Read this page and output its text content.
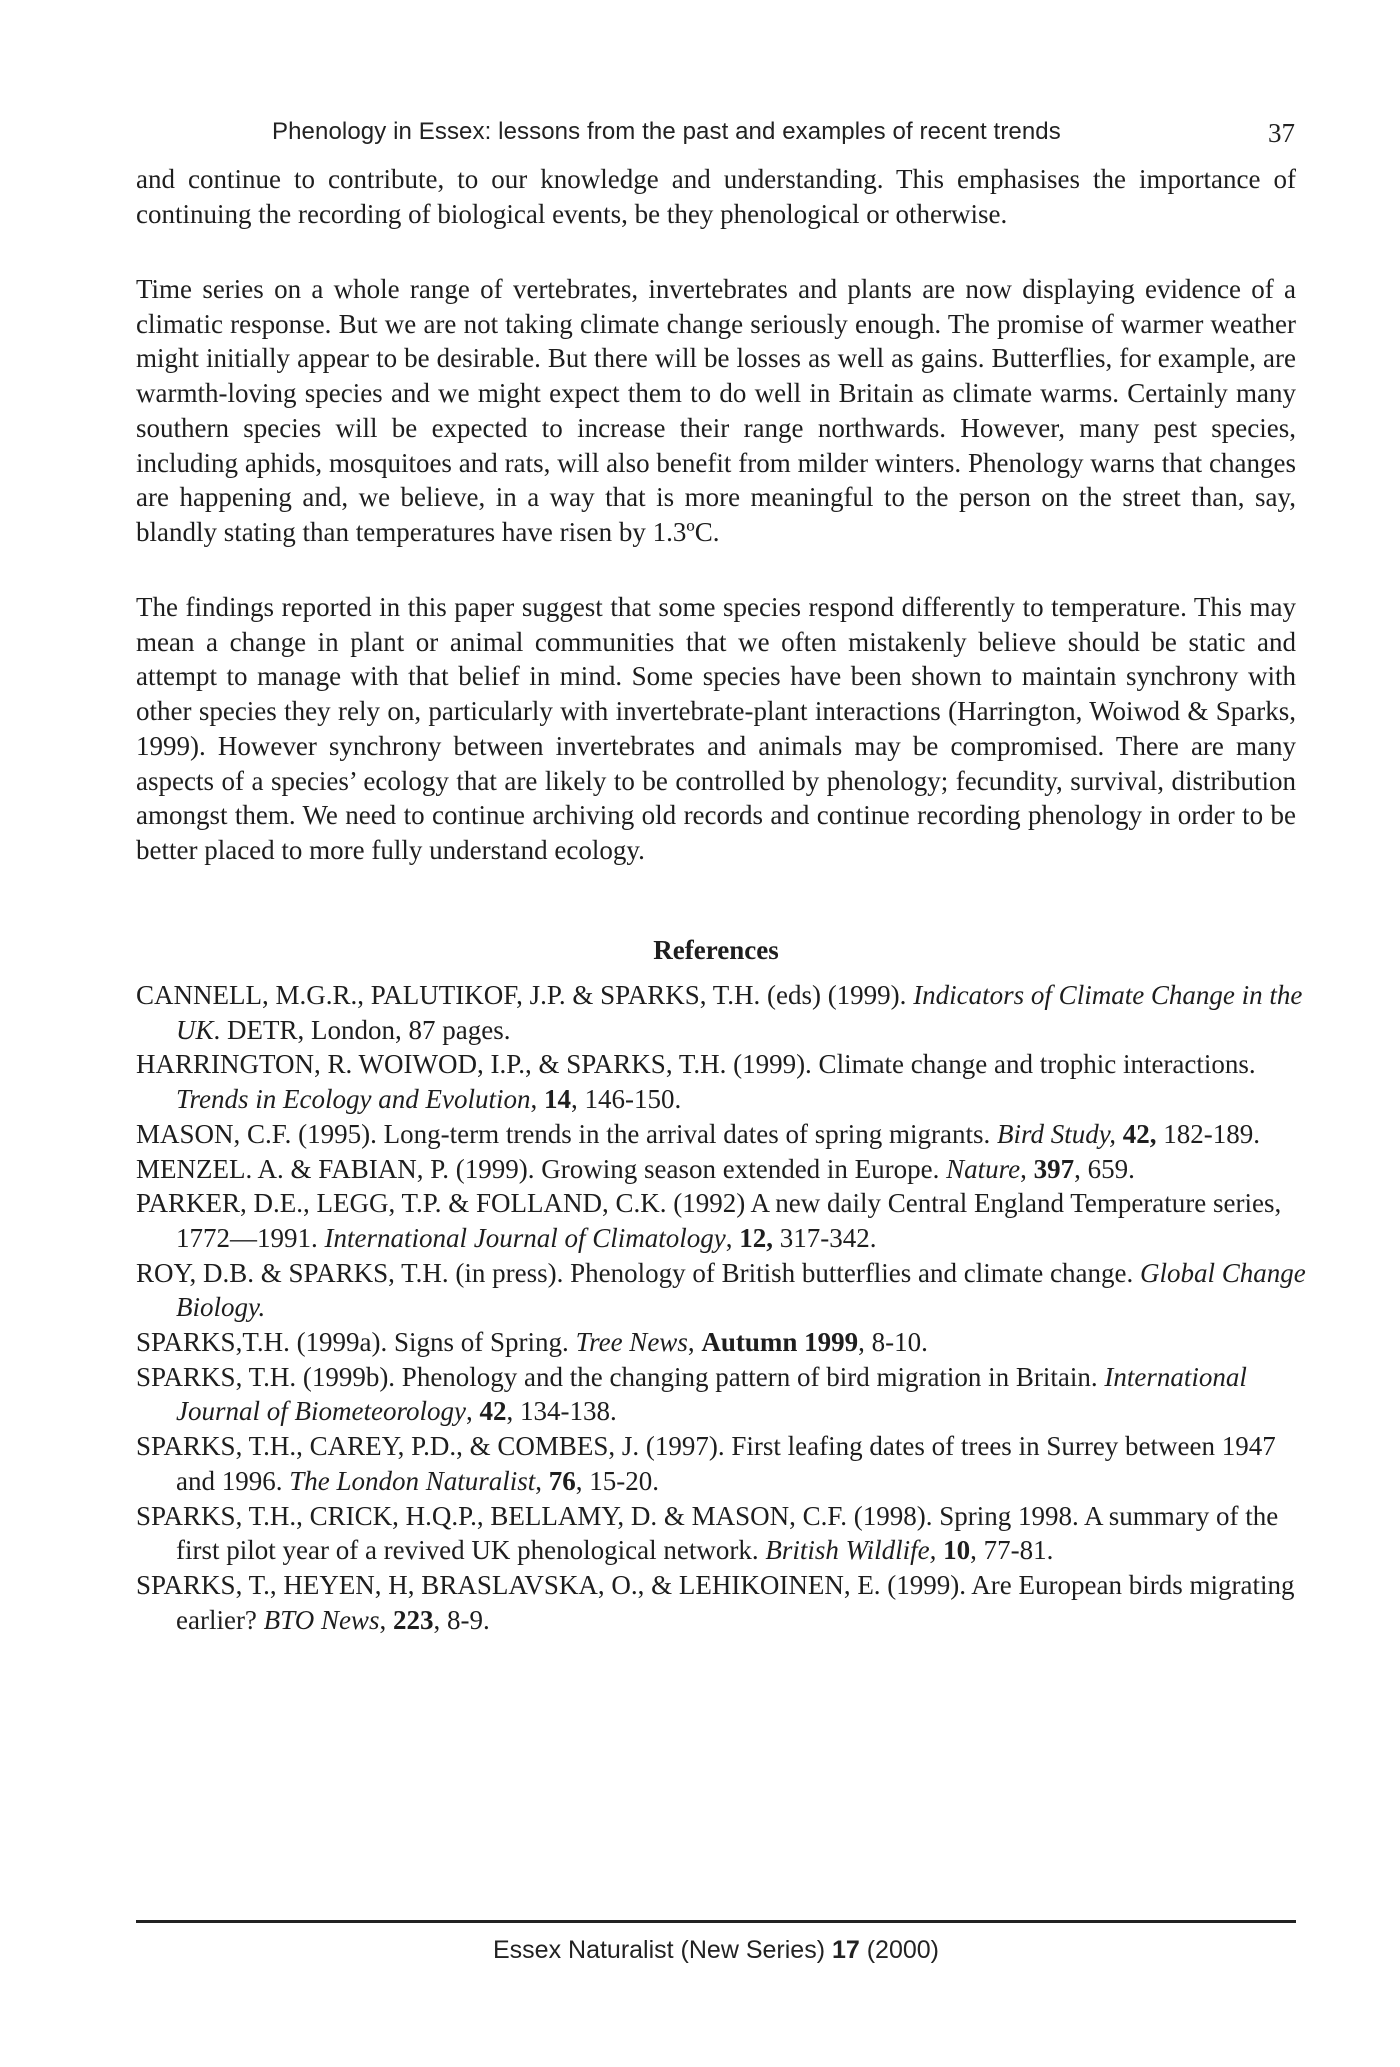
Phenology in Essex: lessons from the past and examples of recent trends	37

and continue to contribute, to our knowledge and understanding. This emphasises the importance of continuing the recording of biological events, be they phenological or otherwise.

Time series on a whole range of vertebrates, invertebrates and plants are now displaying evidence of a climatic response. But we are not taking climate change seriously enough. The promise of warmer weather might initially appear to be desirable. But there will be losses as well as gains. Butterflies, for example, are warmth-loving species and we might expect them to do well in Britain as climate warms. Certainly many southern species will be expected to increase their range northwards. However, many pest species, including aphids, mosquitoes and rats, will also benefit from milder winters. Phenology warns that changes are happening and, we believe, in a way that is more meaningful to the person on the street than, say, blandly stating than temperatures have risen by 1.3ºC.

The findings reported in this paper suggest that some species respond differently to temperature. This may mean a change in plant or animal communities that we often mistakenly believe should be static and attempt to manage with that belief in mind. Some species have been shown to maintain synchrony with other species they rely on, particularly with invertebrate-plant interactions (Harrington, Woiwod & Sparks, 1999). However synchrony between invertebrates and animals may be compromised. There are many aspects of a species’ ecology that are likely to be controlled by phenology; fecundity, survival, distribution amongst them. We need to continue archiving old records and continue recording phenology in order to be better placed to more fully understand ecology.

References
CANNELL, M.G.R., PALUTIKOF, J.P. & SPARKS, T.H. (eds) (1999). Indicators of Climate Change in the UK. DETR, London, 87 pages.
HARRINGTON, R. WOIWOD, I.P., & SPARKS, T.H. (1999). Climate change and trophic interactions. Trends in Ecology and Evolution, 14, 146-150.
MASON, C.F. (1995). Long-term trends in the arrival dates of spring migrants. Bird Study, 42, 182-189.
MENZEL. A. & FABIAN, P. (1999). Growing season extended in Europe. Nature, 397, 659.
PARKER, D.E., LEGG, T.P. & FOLLAND, C.K. (1992) A new daily Central England Temperature series, 1772—1991. International Journal of Climatology, 12, 317-342.
ROY, D.B. & SPARKS, T.H. (in press). Phenology of British butterflies and climate change. Global Change Biology.
SPARKS,T.H. (1999a). Signs of Spring. Tree News, Autumn 1999, 8-10.
SPARKS, T.H. (1999b). Phenology and the changing pattern of bird migration in Britain. International Journal of Biometeorology, 42, 134-138.
SPARKS, T.H., CAREY, P.D., & COMBES, J. (1997). First leafing dates of trees in Surrey between 1947 and 1996. The London Naturalist, 76, 15-20.
SPARKS, T.H., CRICK, H.Q.P., BELLAMY, D. & MASON, C.F. (1998). Spring 1998. A summary of the first pilot year of a revived UK phenological network. British Wildlife, 10, 77-81.
SPARKS, T., HEYEN, H, BRASLAVSKA, O., & LEHIKOINEN, E. (1999). Are European birds migrating earlier? BTO News, 223, 8-9.
Essex Naturalist (New Series) 17 (2000)
